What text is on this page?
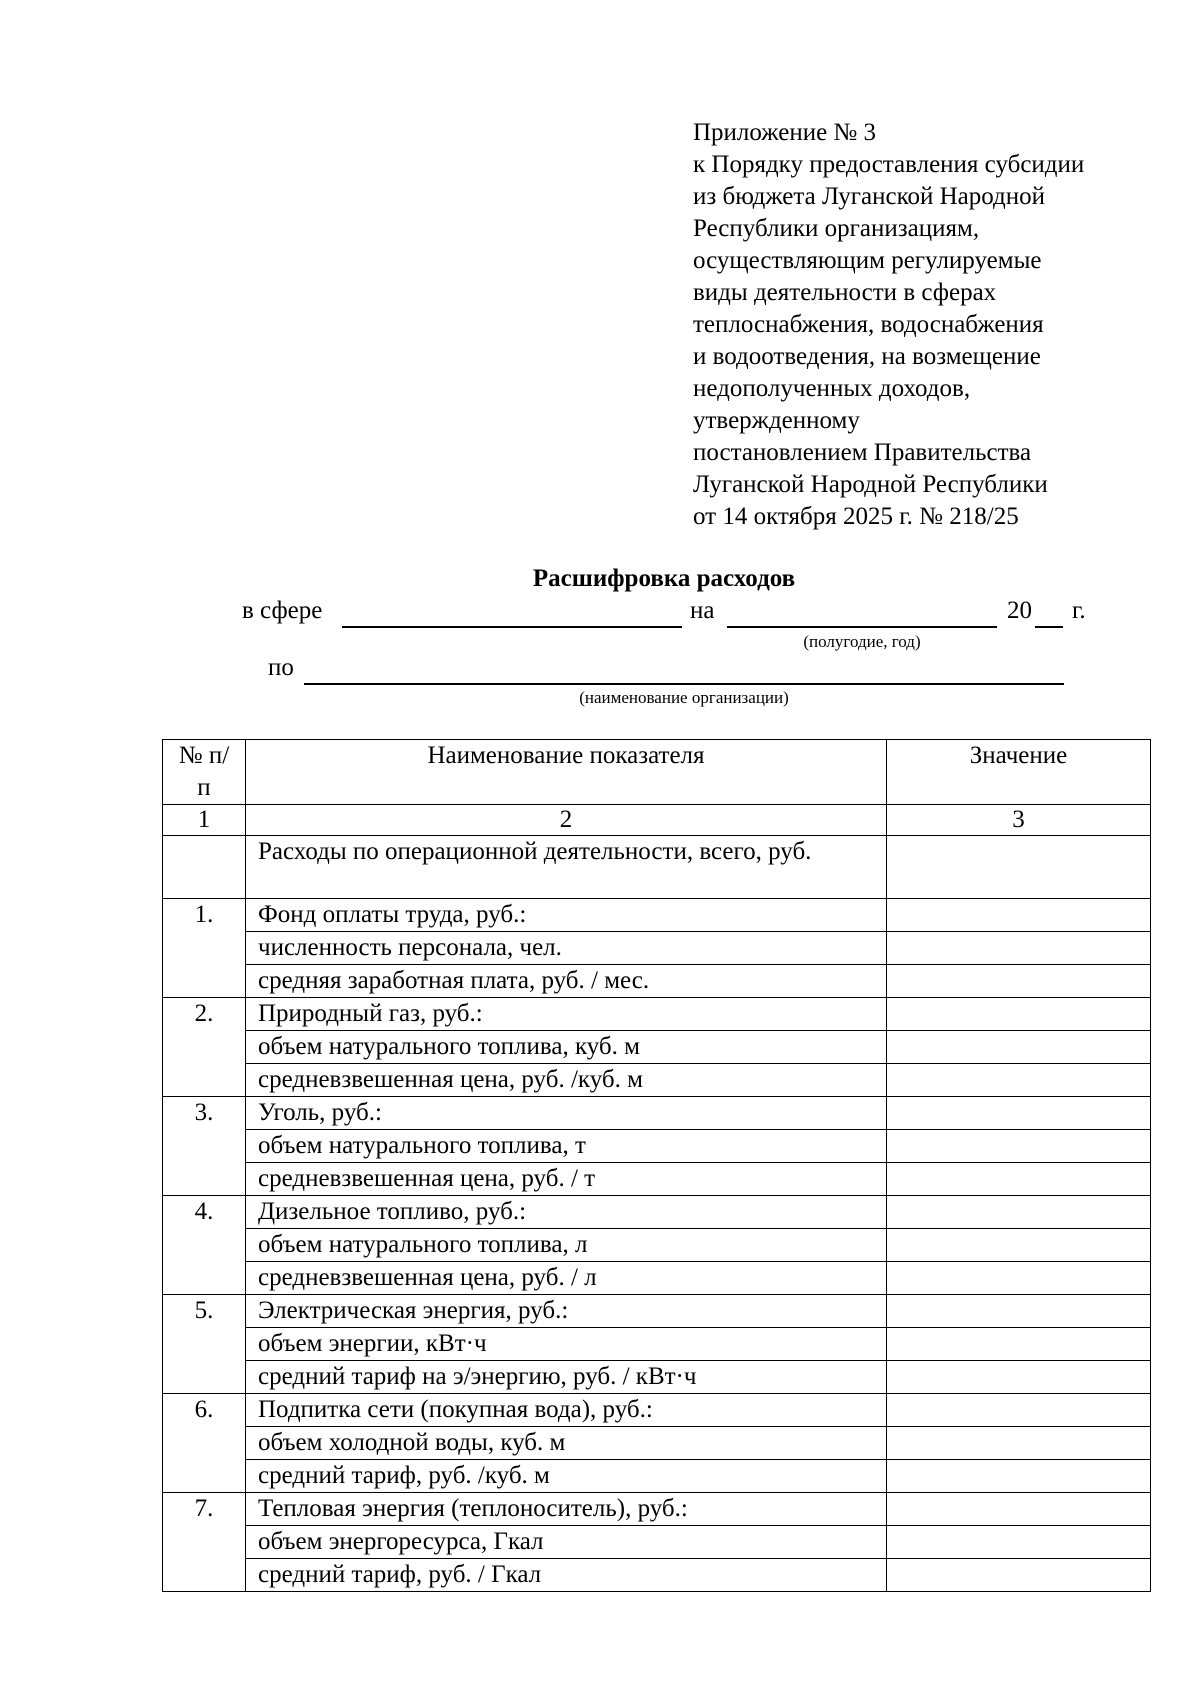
Приложение № 3
к Порядку предоставления субсидии
из бюджета Луганской Народной
Республики организациям,
осуществляющим регулируемые
виды деятельности в сферах
теплоснабжения, водоснабжения
и водоотведения, на возмещение
недополученных доходов,
утвержденному
постановлением Правительства
Луганской Народной Республики
от 14 октября 2025 г. № 218/25
Расшифровка расходов
в сфере	на	20 г.
(полугодие, год)
по
(наименование организации)
№ п/п	Наименование показателя	Значение
1	2	3
	Расходы по операционной деятельности, всего, руб.	
1.	Фонд оплаты труда, руб.:	
	численность персонала, чел.	
	средняя заработная плата, руб. / мес.	
2.	Природный газ, руб.:	
	объем натурального топлива, куб. м	
	средневзвешенная цена, руб. /куб. м	
3.	Уголь, руб.:	
	объем натурального топлива, т	
	средневзвешенная цена, руб. / т	
4.	Дизельное топливо, руб.:	
	объем натурального топлива, л	
	средневзвешенная цена, руб. / л	
5.	Электрическая энергия, руб.:	
	объем энергии, кВт·ч	
	средний тариф на э/энергию, руб. / кВт·ч	
6.	Подпитка сети (покупная вода), руб.:	
	объем холодной воды, куб. м	
	средний тариф, руб. /куб. м	
7.	Тепловая энергия (теплоноситель), руб.:	
	объем энергоресурса, Гкал	
	средний тариф, руб. / Гкал	
